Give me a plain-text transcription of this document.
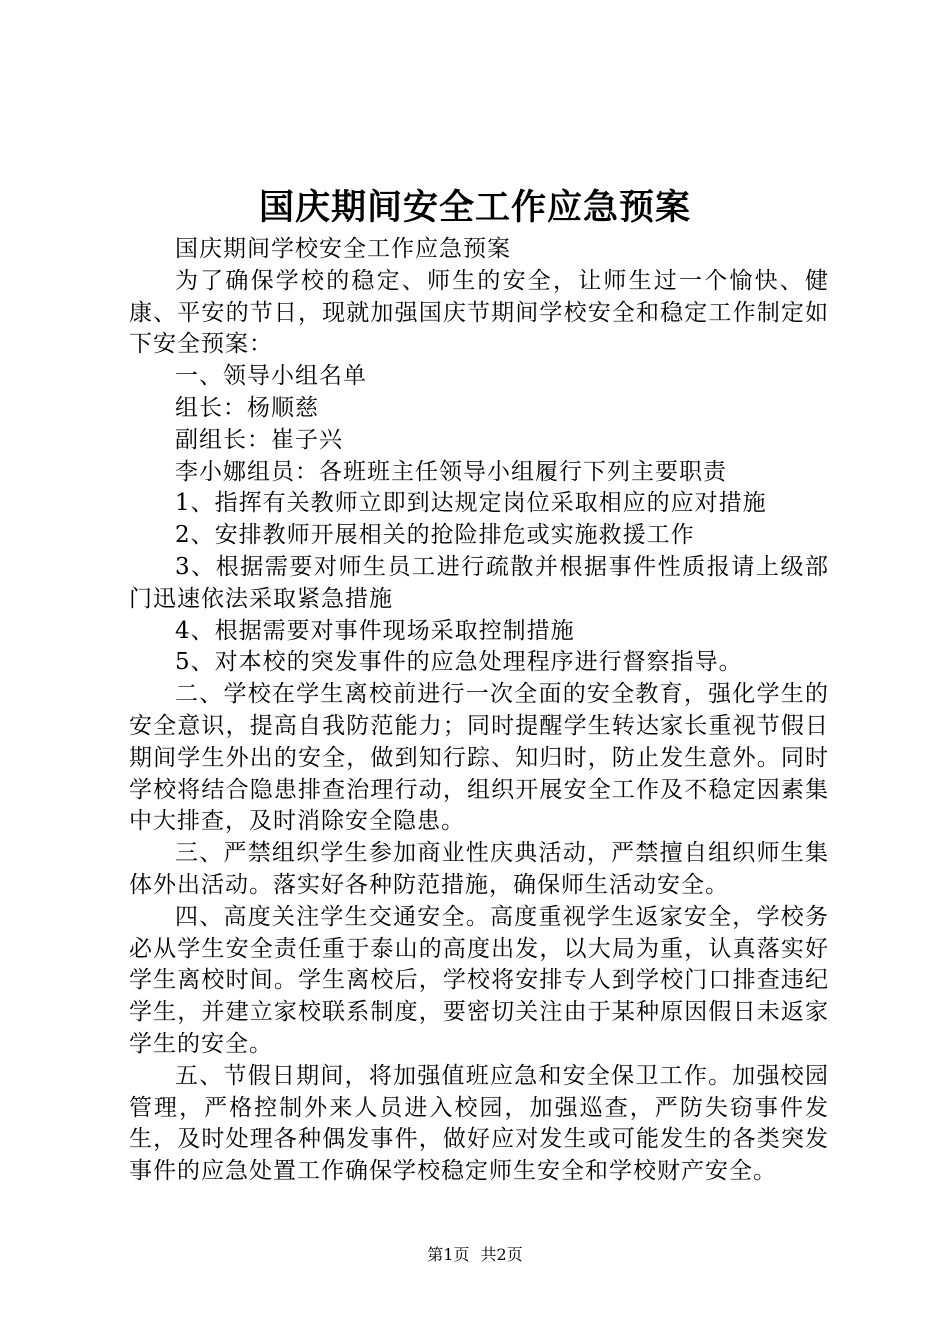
国庆期间安全工作应急预案

国庆期间学校安全工作应急预案

为了确保学校的稳定、师生的安全，让师生过一个愉快、健康、平安的节日，现就加强国庆节期间学校安全和稳定工作制定如下安全预案：

一、领导小组名单

组长：杨顺慈

副组长：崔子兴

李小娜组员：各班班主任领导小组履行下列主要职责

1、指挥有关教师立即到达规定岗位采取相应的应对措施

2、安排教师开展相关的抢险排危或实施救援工作

3、根据需要对师生员工进行疏散并根据事件性质报请上级部门迅速依法采取紧急措施

4、根据需要对事件现场采取控制措施

5、对本校的突发事件的应急处理程序进行督察指导。

二、学校在学生离校前进行一次全面的安全教育，强化学生的安全意识，提高自我防范能力；同时提醒学生转达家长重视节假日期间学生外出的安全，做到知行踪、知归时，防止发生意外。同时学校将结合隐患排查治理行动，组织开展安全工作及不稳定因素集中大排查，及时消除安全隐患。

三、严禁组织学生参加商业性庆典活动，严禁擅自组织师生集体外出活动。落实好各种防范措施，确保师生活动安全。

四、高度关注学生交通安全。高度重视学生返家安全，学校务必从学生安全责任重于泰山的高度出发，以大局为重，认真落实好学生离校时间。学生离校后，学校将安排专人到学校门口排查违纪学生，并建立家校联系制度，要密切关注由于某种原因假日未返家学生的安全。

五、节假日期间，将加强值班应急和安全保卫工作。加强校园管理，严格控制外来人员进入校园，加强巡查，严防失窃事件发生，及时处理各种偶发事件，做好应对发生或可能发生的各类突发事件的应急处置工作确保学校稳定师生安全和学校财产安全。

第1页 共2页
